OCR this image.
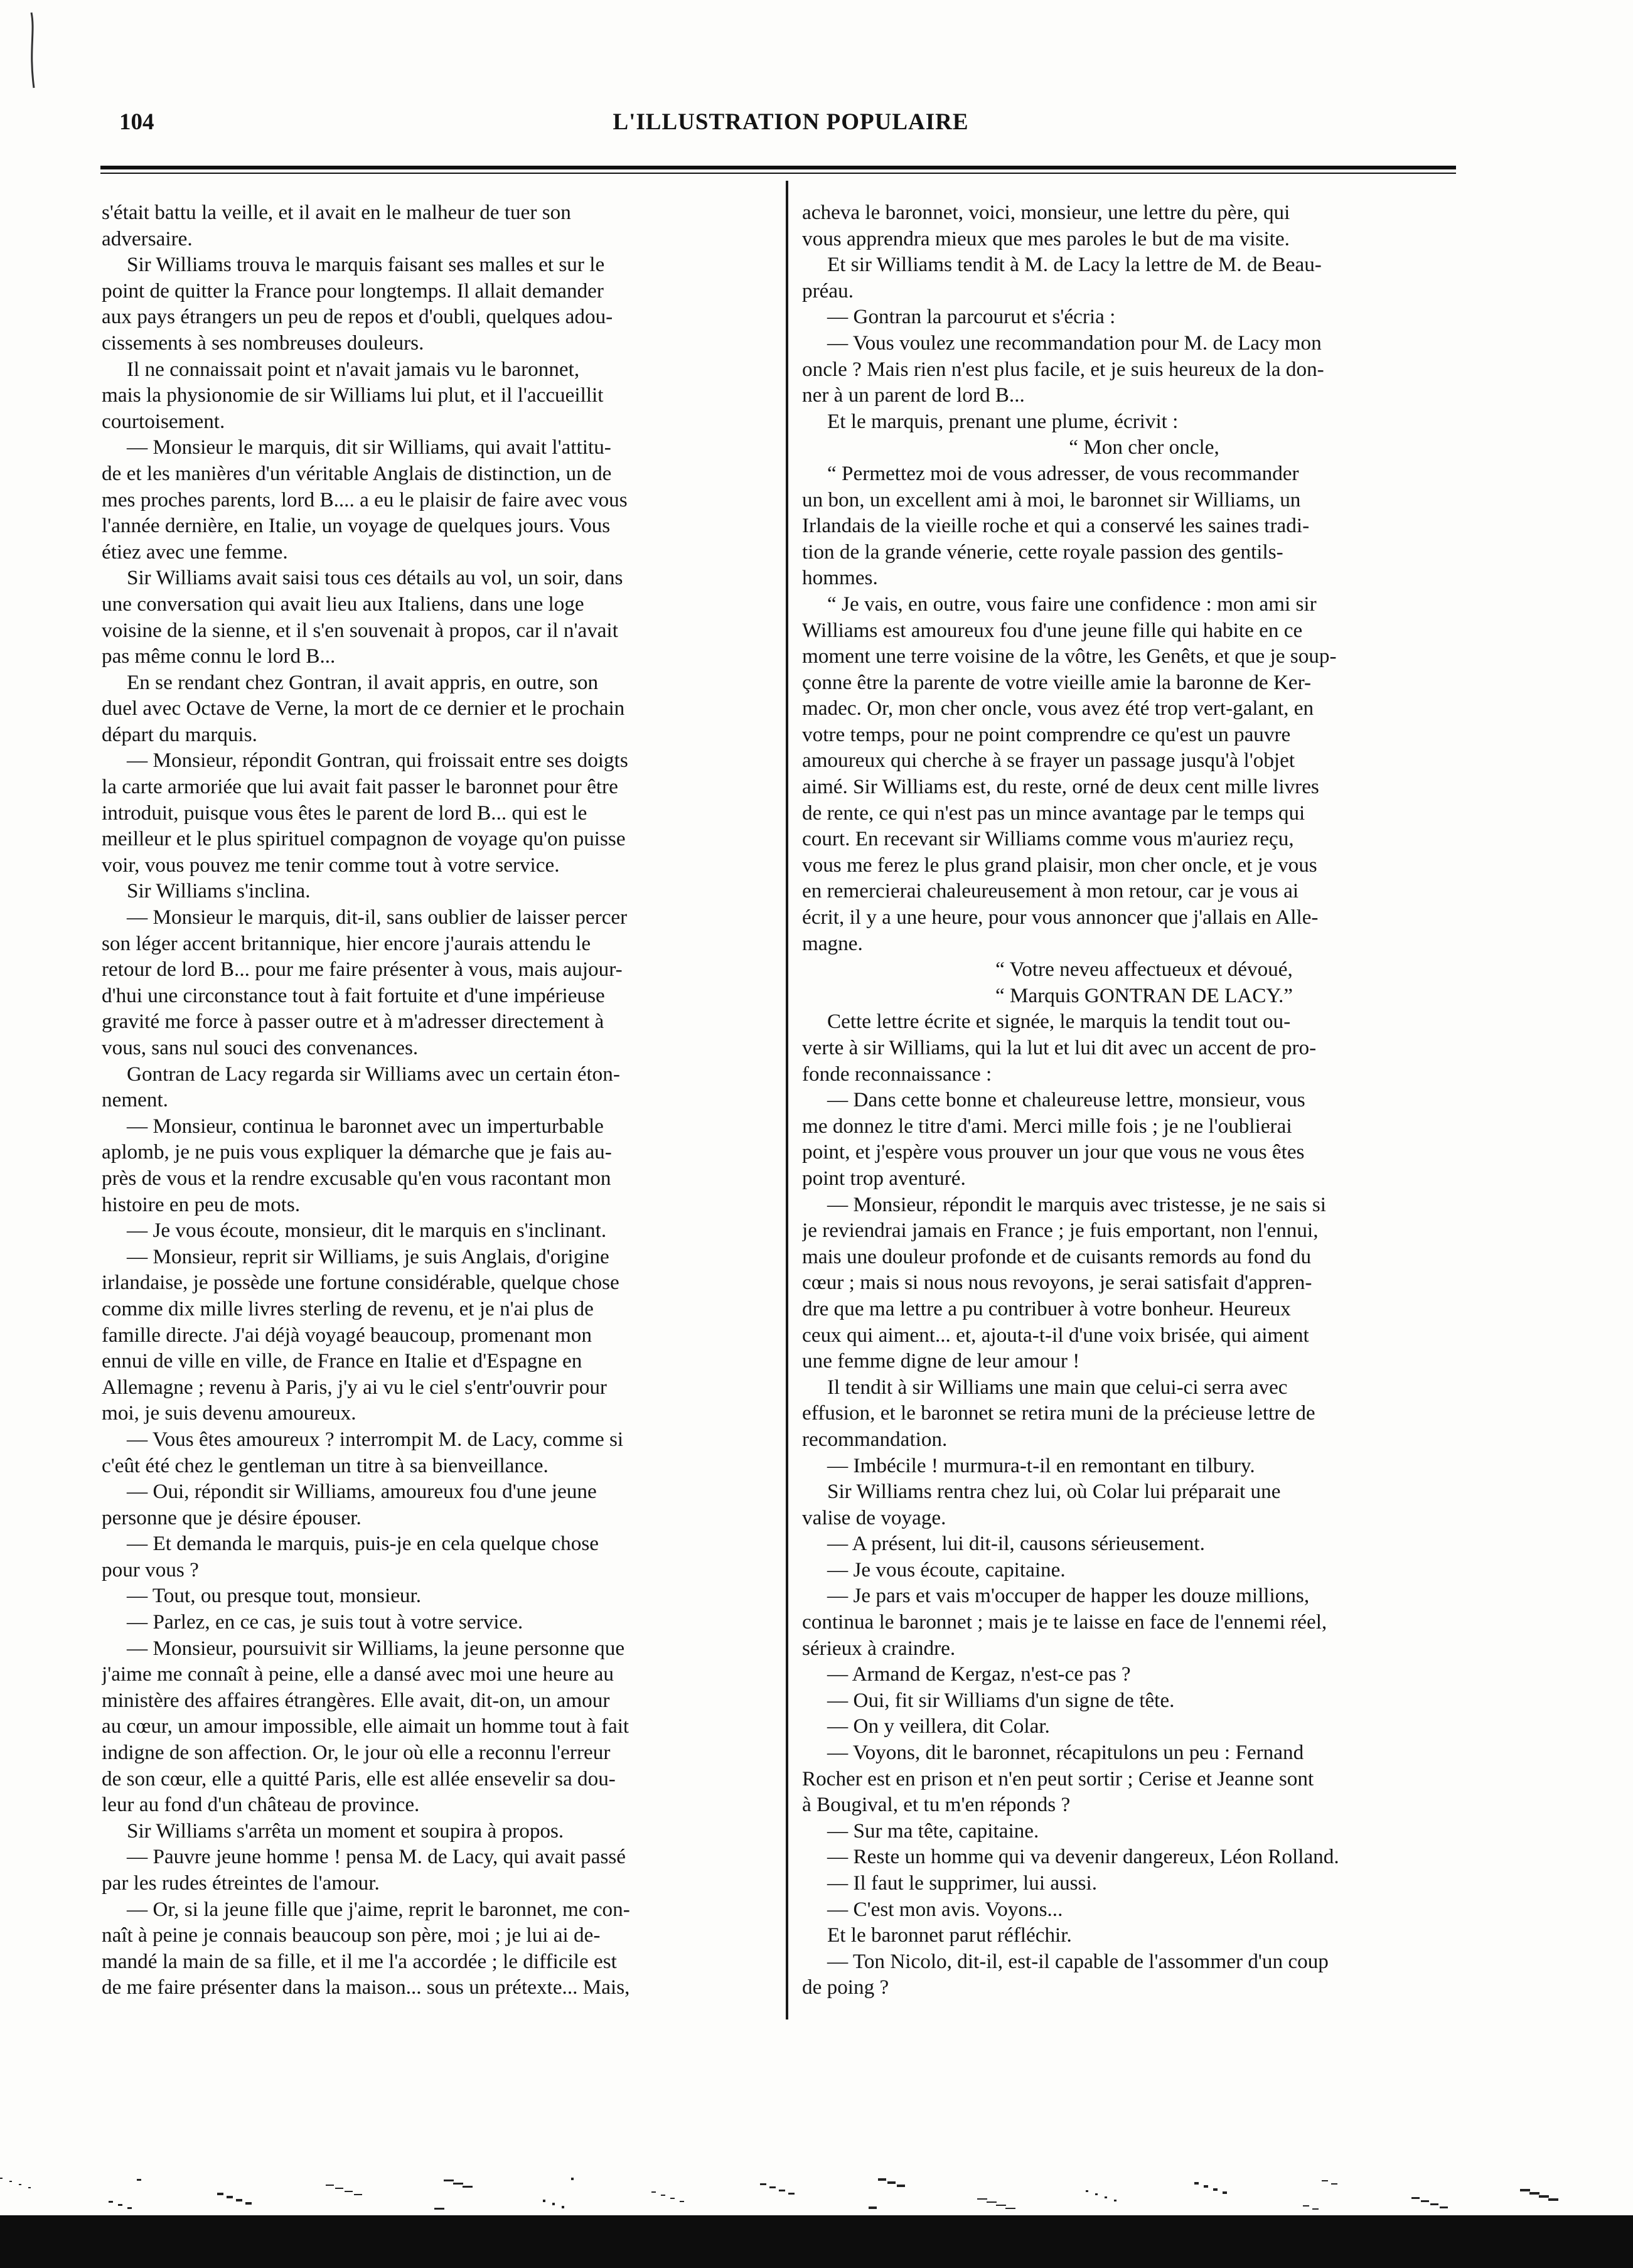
104	L'ILLUSTRATION POPULAIRE

s'était battu la veille, et il avait en le malheur de tuer son

adversaire.

Sir Williams trouva le marquis faisant ses malles et sur le

point de quitter la France pour longtemps. Il allait demander

aux pays étrangers un peu de repos et d'oubli, quelques adou-

cissements à ses nombreuses douleurs.

Il ne connaissait point et n'avait jamais vu le baronnet,

mais la physionomie de sir Williams lui plut, et il l'accueillit

courtoisement.

— Monsieur le marquis, dit sir Williams, qui avait l'attitu-

de et les manières d'un véritable Anglais de distinction, un de

mes proches parents, lord B.... a eu le plaisir de faire avec vous

l'année dernière, en Italie, un voyage de quelques jours. Vous

étiez avec une femme.

Sir Williams avait saisi tous ces détails au vol, un soir, dans

une conversation qui avait lieu aux Italiens, dans une loge

voisine de la sienne, et il s'en souvenait à propos, car il n'avait

pas même connu le lord B...

En se rendant chez Gontran, il avait appris, en outre, son

duel avec Octave de Verne, la mort de ce dernier et le prochain

départ du marquis.

— Monsieur, répondit Gontran, qui froissait entre ses doigts

la carte armoriée que lui avait fait passer le baronnet pour être

introduit, puisque vous êtes le parent de lord B... qui est le

meilleur et le plus spirituel compagnon de voyage qu'on puisse

voir, vous pouvez me tenir comme tout à votre service.

Sir Williams s'inclina.

— Monsieur le marquis, dit-il, sans oublier de laisser percer

son léger accent britannique, hier encore j'aurais attendu le

retour de lord B... pour me faire présenter à vous, mais aujour-

d'hui une circonstance tout à fait fortuite et d'une impérieuse

gravité me force à passer outre et à m'adresser directement à

vous, sans nul souci des convenances.

Gontran de Lacy regarda sir Williams avec un certain éton-

nement.

— Monsieur, continua le baronnet avec un imperturbable

aplomb, je ne puis vous expliquer la démarche que je fais au-

près de vous et la rendre excusable qu'en vous racontant mon

histoire en peu de mots.

— Je vous écoute, monsieur, dit le marquis en s'inclinant.

— Monsieur, reprit sir Williams, je suis Anglais, d'origine

irlandaise, je possède une fortune considérable, quelque chose

comme dix mille livres sterling de revenu, et je n'ai plus de

famille directe. J'ai déjà voyagé beaucoup, promenant mon

ennui de ville en ville, de France en Italie et d'Espagne en

Allemagne ; revenu à Paris, j'y ai vu le ciel s'entr'ouvrir pour

moi, je suis devenu amoureux.

— Vous êtes amoureux ? interrompit M. de Lacy, comme si

c'eût été chez le gentleman un titre à sa bienveillance.

— Oui, répondit sir Williams, amoureux fou d'une jeune

personne que je désire épouser.

— Et demanda le marquis, puis-je en cela quelque chose

pour vous ?

— Tout, ou presque tout, monsieur.

— Parlez, en ce cas, je suis tout à votre service.

— Monsieur, poursuivit sir Williams, la jeune personne que

j'aime me connaît à peine, elle a dansé avec moi une heure au

ministère des affaires étrangères. Elle avait, dit-on, un amour

au cœur, un amour impossible, elle aimait un homme tout à fait

indigne de son affection. Or, le jour où elle a reconnu l'erreur

de son cœur, elle a quitté Paris, elle est allée ensevelir sa dou-

leur au fond d'un château de province.

Sir Williams s'arrêta un moment et soupira à propos.

— Pauvre jeune homme ! pensa M. de Lacy, qui avait passé

par les rudes étreintes de l'amour.

— Or, si la jeune fille que j'aime, reprit le baronnet, me con-

naît à peine je connais beaucoup son père, moi ; je lui ai de-

mandé la main de sa fille, et il me l'a accordée ; le difficile est

de me faire présenter dans la maison... sous un prétexte... Mais,

acheva le baronnet, voici, monsieur, une lettre du père, qui

vous apprendra mieux que mes paroles le but de ma visite.

Et sir Williams tendit à M. de Lacy la lettre de M. de Beau-

préau.

— Gontran la parcourut et s'écria :

— Vous voulez une recommandation pour M. de Lacy mon

oncle ? Mais rien n'est plus facile, et je suis heureux de la don-

ner à un parent de lord B...

Et le marquis, prenant une plume, écrivit :

“ Mon cher oncle,

“ Permettez moi de vous adresser, de vous recommander

un bon, un excellent ami à moi, le baronnet sir Williams, un

Irlandais de la vieille roche et qui a conservé les saines tradi-

tion de la grande vénerie, cette royale passion des gentils-

hommes.

“ Je vais, en outre, vous faire une confidence : mon ami sir

Williams est amoureux fou d'une jeune fille qui habite en ce

moment une terre voisine de la vôtre, les Genêts, et que je soup-

çonne être la parente de votre vieille amie la baronne de Ker-

madec. Or, mon cher oncle, vous avez été trop vert-galant, en

votre temps, pour ne point comprendre ce qu'est un pauvre

amoureux qui cherche à se frayer un passage jusqu'à l'objet

aimé. Sir Williams est, du reste, orné de deux cent mille livres

de rente, ce qui n'est pas un mince avantage par le temps qui

court. En recevant sir Williams comme vous m'auriez reçu,

vous me ferez le plus grand plaisir, mon cher oncle, et je vous

en remercierai chaleureusement à mon retour, car je vous ai

écrit, il y a une heure, pour vous annoncer que j'allais en Alle-

magne.

“ Votre neveu affectueux et dévoué,

“ Marquis GONTRAN DE LACY.”

Cette lettre écrite et signée, le marquis la tendit tout ou-

verte à sir Williams, qui la lut et lui dit avec un accent de pro-

fonde reconnaissance :

— Dans cette bonne et chaleureuse lettre, monsieur, vous

me donnez le titre d'ami. Merci mille fois ; je ne l'oublierai

point, et j'espère vous prouver un jour que vous ne vous êtes

point trop aventuré.

— Monsieur, répondit le marquis avec tristesse, je ne sais si

je reviendrai jamais en France ; je fuis emportant, non l'ennui,

mais une douleur profonde et de cuisants remords au fond du

cœur ; mais si nous nous revoyons, je serai satisfait d'appren-

dre que ma lettre a pu contribuer à votre bonheur. Heureux

ceux qui aiment... et, ajouta-t-il d'une voix brisée, qui aiment

une femme digne de leur amour !

Il tendit à sir Williams une main que celui-ci serra avec

effusion, et le baronnet se retira muni de la précieuse lettre de

recommandation.

— Imbécile ! murmura-t-il en remontant en tilbury.

Sir Williams rentra chez lui, où Colar lui préparait une

valise de voyage.

— A présent, lui dit-il, causons sérieusement.

— Je vous écoute, capitaine.

— Je pars et vais m'occuper de happer les douze millions,

continua le baronnet ; mais je te laisse en face de l'ennemi réel,

sérieux à craindre.

— Armand de Kergaz, n'est-ce pas ?

— Oui, fit sir Williams d'un signe de tête.

— On y veillera, dit Colar.

— Voyons, dit le baronnet, récapitulons un peu : Fernand

Rocher est en prison et n'en peut sortir ; Cerise et Jeanne sont

à Bougival, et tu m'en réponds ?

— Sur ma tête, capitaine.

— Reste un homme qui va devenir dangereux, Léon Rolland.

— Il faut le supprimer, lui aussi.

— C'est mon avis. Voyons...

Et le baronnet parut réfléchir.

— Ton Nicolo, dit-il, est-il capable de l'assommer d'un coup

de poing ?
